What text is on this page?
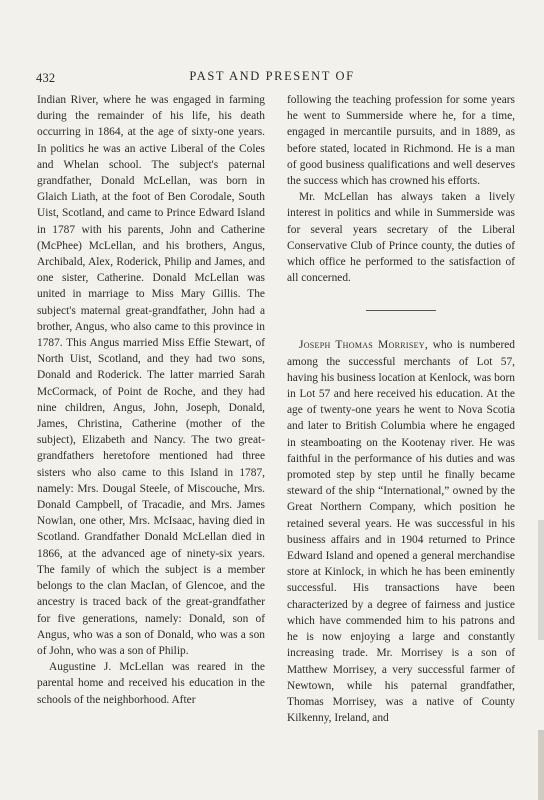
432	PAST AND PRESENT OF

Indian River, where he was engaged in farming during the remainder of his life, his death occurring in 1864, at the age of sixty-one years. In politics he was an active Liberal of the Coles and Whelan school. The subject's paternal grandfather, Donald McLellan, was born in Glaich Liath, at the foot of Ben Corodale, South Uist, Scotland, and came to Prince Edward Island in 1787 with his parents, John and Catherine (McPhee) McLellan, and his brothers, Angus, Archibald, Alex, Roderick, Philip and James, and one sister, Catherine. Donald McLellan was united in marriage to Miss Mary Gillis. The subject's maternal great-grandfather, John had a brother, Angus, who also came to this province in 1787. This Angus married Miss Effie Stewart, of North Uist, Scotland, and they had two sons, Donald and Roderick. The latter married Sarah McCormack, of Point de Roche, and they had nine children, Angus, John, Joseph, Donald, James, Christina, Catherine (mother of the subject), Elizabeth and Nancy. The two great-grandfathers heretofore mentioned had three sisters who also came to this Island in 1787, namely: Mrs. Dougal Steele, of Miscouche, Mrs. Donald Campbell, of Tracadie, and Mrs. James Nowlan, one other, Mrs. McIsaac, having died in Scotland. Grandfather Donald McLellan died in 1866, at the advanced age of ninety-six years. The family of which the subject is a member belongs to the clan MacIan, of Glencoe, and the ancestry is traced back of the great-grandfather for five generations, namely: Donald, son of Angus, who was a son of Donald, who was a son of John, who was a son of Philip.

Augustine J. McLellan was reared in the parental home and received his education in the schools of the neighborhood. After

following the teaching profession for some years he went to Summerside where he, for a time, engaged in mercantile pursuits, and in 1889, as before stated, located in Richmond. He is a man of good business qualifications and well deserves the success which has crowned his efforts.

Mr. McLellan has always taken a lively interest in politics and while in Summerside was for several years secretary of the Liberal Conservative Club of Prince county, the duties of which office he performed to the satisfaction of all concerned.

Joseph Thomas Morrisey, who is numbered among the successful merchants of Lot 57, having his business location at Kenlock, was born in Lot 57 and here received his education. At the age of twenty-one years he went to Nova Scotia and later to British Columbia where he engaged in steamboating on the Kootenay river. He was faithful in the performance of his duties and was promoted step by step until he finally became steward of the ship “International,” owned by the Great Northern Company, which position he retained several years. He was successful in his business affairs and in 1904 returned to Prince Edward Island and opened a general merchandise store at Kinlock, in which he has been eminently successful. His transactions have been characterized by a degree of fairness and justice which have commended him to his patrons and he is now enjoying a large and constantly increasing trade. Mr. Morrisey is a son of Matthew Morrisey, a very successful farmer of Newtown, while his paternal grandfather, Thomas Morrisey, was a native of County Kilkenny, Ireland, and
